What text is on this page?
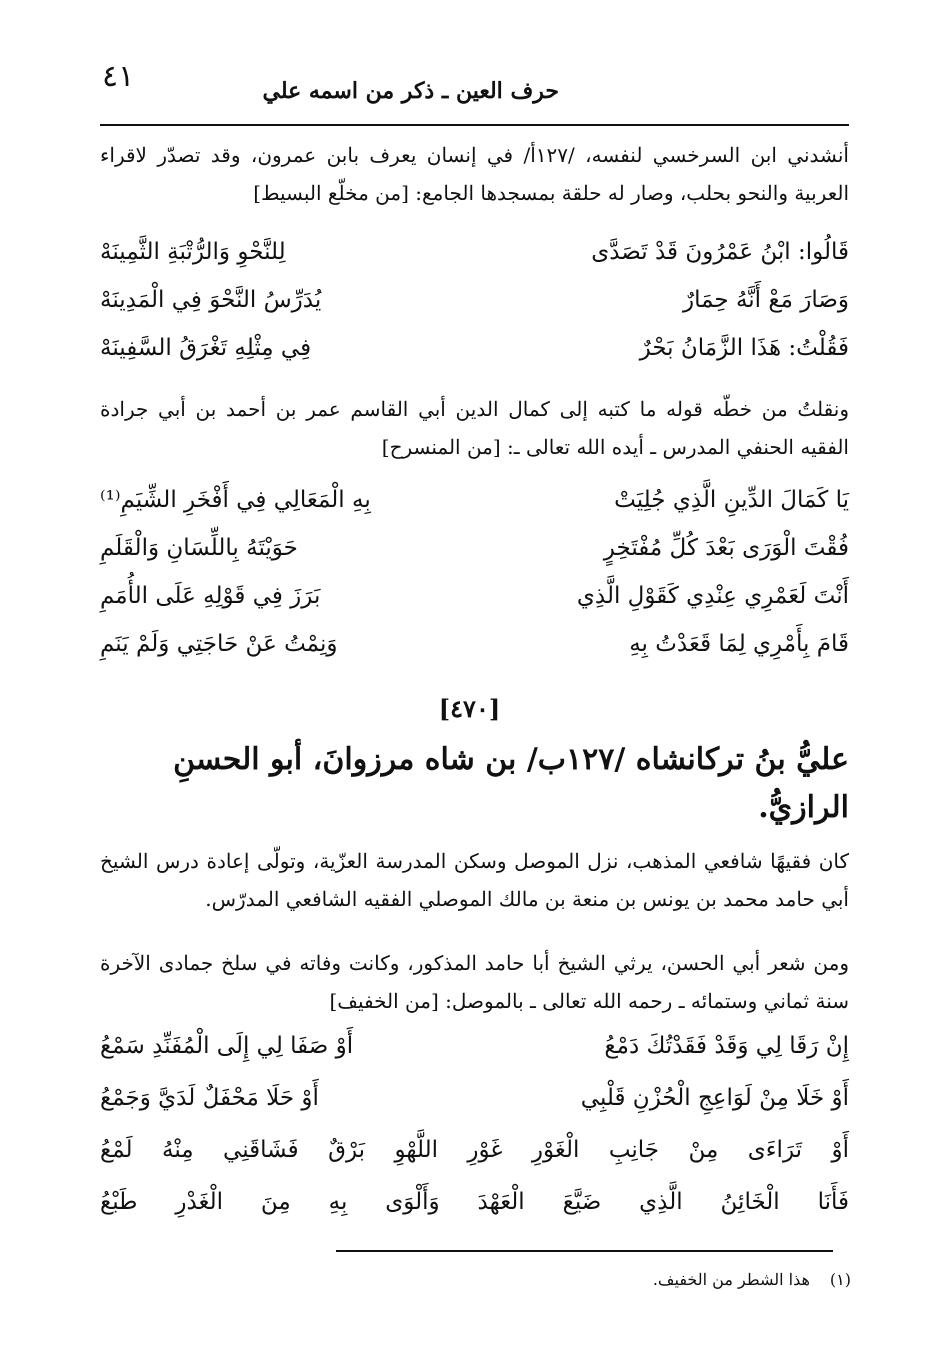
٤١	حرف العين ـ ذكر من اسمه علي
أنشدني ابن السرخسي لنفسه، /١٢٧أ/ في إنسان يعرف بابن عمرون، وقد تصدّر لاقراء العربية والنحو بحلب، وصار له حلقة بمسجدها الجامع: [من مخلّع البسيط]
قَالُوا: ابْنُ عَمْرُونَ قَدْ تَصَدَّى
لِلنَّحْوِ وَالرُّتْبَةِ الثَّمِينَهْ
وَصَارَ مَعْ أَنَّهُ حِمَارٌ
يُدَرِّسُ النَّحْوَ فِي الْمَدِينَهْ
فَقُلْتُ: هَذَا الزَّمَانُ بَحْرٌ
فِي مِثْلِهِ تَغْرَقُ السَّفِينَهْ
ونقلتُ من خطّه قوله ما كتبه إلى كمال الدين أبي القاسم عمر بن أحمد بن أبي جرادة الفقيه الحنفي المدرس ـ أيده الله تعالى ـ: [من المنسرح]
يَا كَمَالَ الدِّينِ الَّذِي جُلِيَتْ
بِهِ الْمَعَالِي فِي أَفْخَرِ الشِّيَمِ⁽¹⁾
فُقْتَ الْوَرَى بَعْدَ كُلِّ مُفْتَخِرٍ
حَوَيْتَهُ بِاللِّسَانِ وَالْقَلَمِ
أَنْتَ لَعَمْرِي عِنْدِي كَقَوْلِ الَّذِي
بَرَزَ فِي قَوْلِهِ عَلَى الأُمَمِ
قَامَ بِأَمْرِي لِمَا قَعَدْتُ بِهِ
وَنِمْتُ عَنْ حَاجَتِي وَلَمْ يَنَمِ
[٤٧٠]
عليُّ بنُ تركانشاه /١٢٧ب/ بن شاه مرزوانَ، أبو الحسنِ الرازيُّ.
كان فقيهًا شافعي المذهب، نزل الموصل وسكن المدرسة العزّية، وتولّى إعادة درس الشيخ أبي حامد محمد بن يونس بن منعة بن مالك الموصلي الفقيه الشافعي المدرّس.
ومن شعر أبي الحسن، يرثي الشيخ أبا حامد المذكور، وكانت وفاته في سلخ جمادى الآخرة سنة ثماني وستمائه ـ رحمه الله تعالى ـ بالموصل: [من الخفيف]
إِنْ رَقَا لِي وَقَدْ فَقَدْتُكَ دَمْعُ
أَوْ صَفَا لِي إِلَى الْمُفَنِّدِ سَمْعُ
أَوْ خَلَا مِنْ لَوَاعِجِ الْحُزْنِ قَلْبِي
أَوْ حَلَا مَحْفَلٌ لَدَيَّ وَجَمْعُ
أَوْ تَرَاءَى مِنْ جَانِبِ الْغَوْرِ غَوْرِ اللَّهْوِ بَرْقٌ فَشَاقَنِي مِنْهُ لَمْعُ
فَأَنَا الْخَائِنُ الَّذِي ضَيَّعَ الْعَهْدَ وَأَلْوَى بِهِ مِنَ الْغَدْرِ طَبْعُ
(١)هذا الشطر من الخفيف.
